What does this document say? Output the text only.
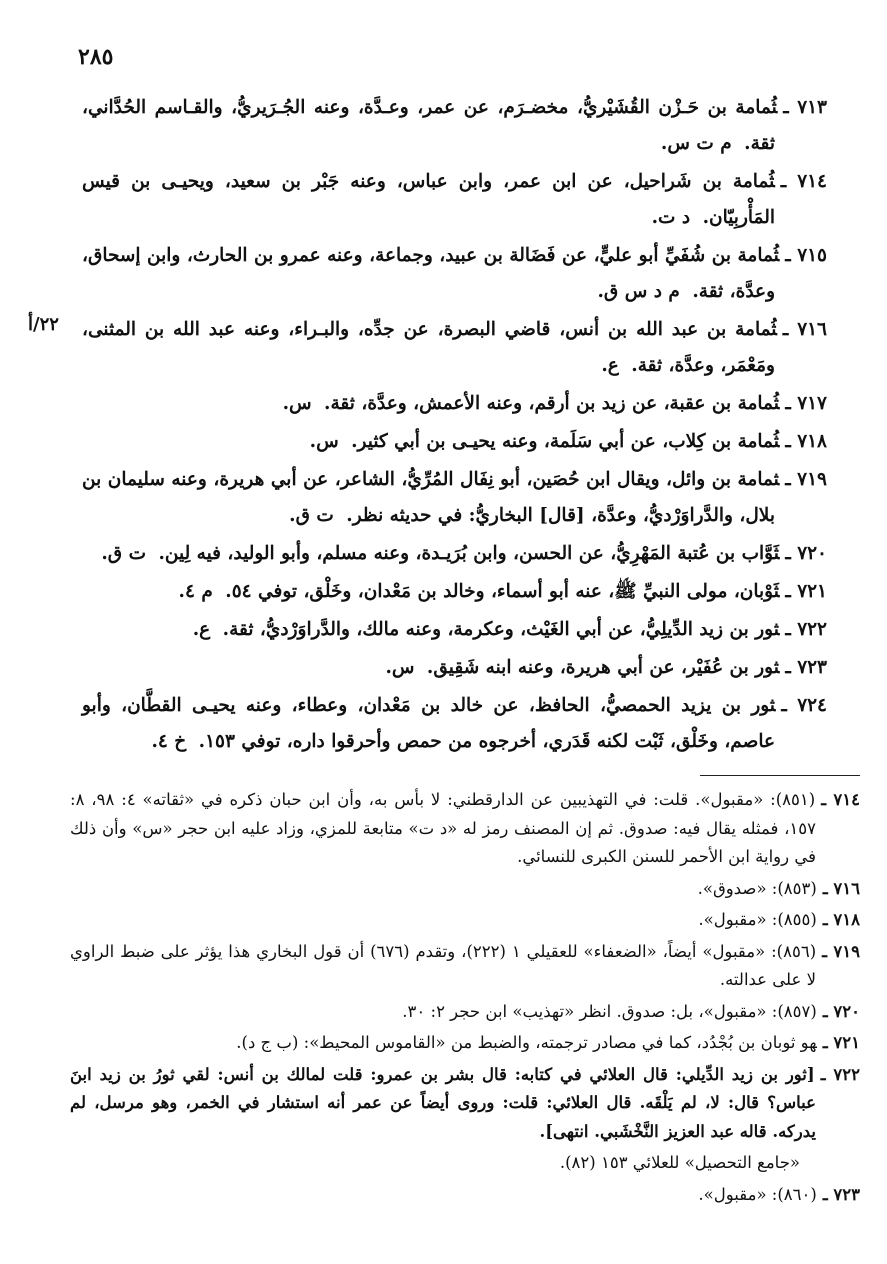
٢٨٥
٢٢/أ

٧١٣ ـثُمامة بن حَـزْن القُشَيْريُّ، مخضـرَم، عن عمر، وعـدَّة، وعنه الجُـرَيريُّ، والقـاسم الحُدَّاني، ثقة. م ت س.

٧١٤ ـثُمامة بن شَراحيل، عن ابن عمر، وابن عباس، وعنه جَبْر بن سعيد، ويحيـى بن قيس المَأْربِيّان. د ت.

٧١٥ ـثُمامة بن شُفَيِّ أبو عليٍّ، عن فَضَالة بن عبيد، وجماعة، وعنه عمرو بن الحارث، وابن إسحاق، وعدَّة، ثقة. م د س ق.

٧١٦ ـثُمامة بن عبد الله بن أنس، قاضي البصرة، عن جدِّه، والبـراء، وعنه عبد الله بن المثنى، ومَعْمَر، وعدَّة، ثقة. ع.

٧١٧ ـثُمامة بن عقبة، عن زيد بن أرقم، وعنه الأعمش، وعدَّة، ثقة. س.

٧١٨ ـثُمامة بن كِلاب، عن أبي سَلَمة، وعنه يحيـى بن أبي كثير. س.

٧١٩ ـثمامة بن وائل، ويقال ابن حُصَين، أبو نِفَال المُرِّيُّ، الشاعر، عن أبي هريرة، وعنه سليمان بن بلال، والدَّراوَرْديُّ، وعدَّة، [قال] البخاريُّ: في حديثه نظر. ت ق.

٧٢٠ ـثَوَّاب بن عُتبة المَهْرِيُّ، عن الحسن، وابن بُرَيـدة، وعنه مسلم، وأبو الوليد، فيه لِين. ت ق.

٧٢١ ـثَوْبان، مولى النبيِّ ﷺ، عنه أبو أسماء، وخالد بن مَعْدان، وخَلْق، توفي ٥٤. م ٤.

٧٢٢ ـثور بن زيد الدِّيلِيُّ، عن أبي الغَيْث، وعكرمة، وعنه مالك، والدَّراوَرْديُّ، ثقة. ع.

٧٢٣ ـثور بن عُفَيْر، عن أبي هريرة، وعنه ابنه شَقِيق. س.

٧٢٤ ـثور بن يزيد الحمصيُّ، الحافظ، عن خالد بن مَعْدان، وعطاء، وعنه يحيـى القطَّان، وأبو عاصم، وخَلْق، ثَبْت لكنه قَدَري، أخرجوه من حمص وأحرقوا داره، توفي ١٥٣. خ ٤.

٧١٤ ـ(٨٥١): «مقبول». قلت: في التهذيبين عن الدارقطني: لا بأس به، وأن ابن حبان ذكره في «ثقاته» ٤: ٩٨، ٨: ١٥٧، فمثله يقال فيه: صدوق. ثم إن المصنف رمز له «د ت» متابعة للمزي، وزاد عليه ابن حجر «س» وأن ذلك في رواية ابن الأحمر للسنن الكبرى للنسائي.

٧١٦ ـ(٨٥٣): «صدوق».

٧١٨ ـ(٨٥٥): «مقبول».

٧١٩ ـ(٨٥٦): «مقبول» أيضاً، «الضعفاء» للعقيلي ١ (٢٢٢)، وتقدم (٦٧٦) أن قول البخاري هذا يؤثر على ضبط الراوي لا على عدالته.

٧٢٠ ـ(٨٥٧): «مقبول»، بل: صدوق. انظر «تهذيب» ابن حجر ٢: ٣٠.

٧٢١ ـهو ثوبان بن بُجْدُد، كما في مصادر ترجمته، والضبط من «القاموس المحيط»: (ب ج د).

٧٢٢ ـ[ثور بن زيد الدِّيلي: قال العلائي في كتابه: قال بشر بن عمرو: قلت لمالك بن أنس: لقي ثورُ بن زيد ابنَ عباس؟ قال: لا، لم يَلْقَه. قال العلائي: قلت: وروى أيضاً عن عمر أنه استشار في الخمر، وهو مرسل، لم يدركه. قاله عبد العزيز النَّخْشَبي. انتهى].

«جامع التحصيل» للعلائي ١٥٣ (٨٢).

٧٢٣ ـ(٨٦٠): «مقبول».
